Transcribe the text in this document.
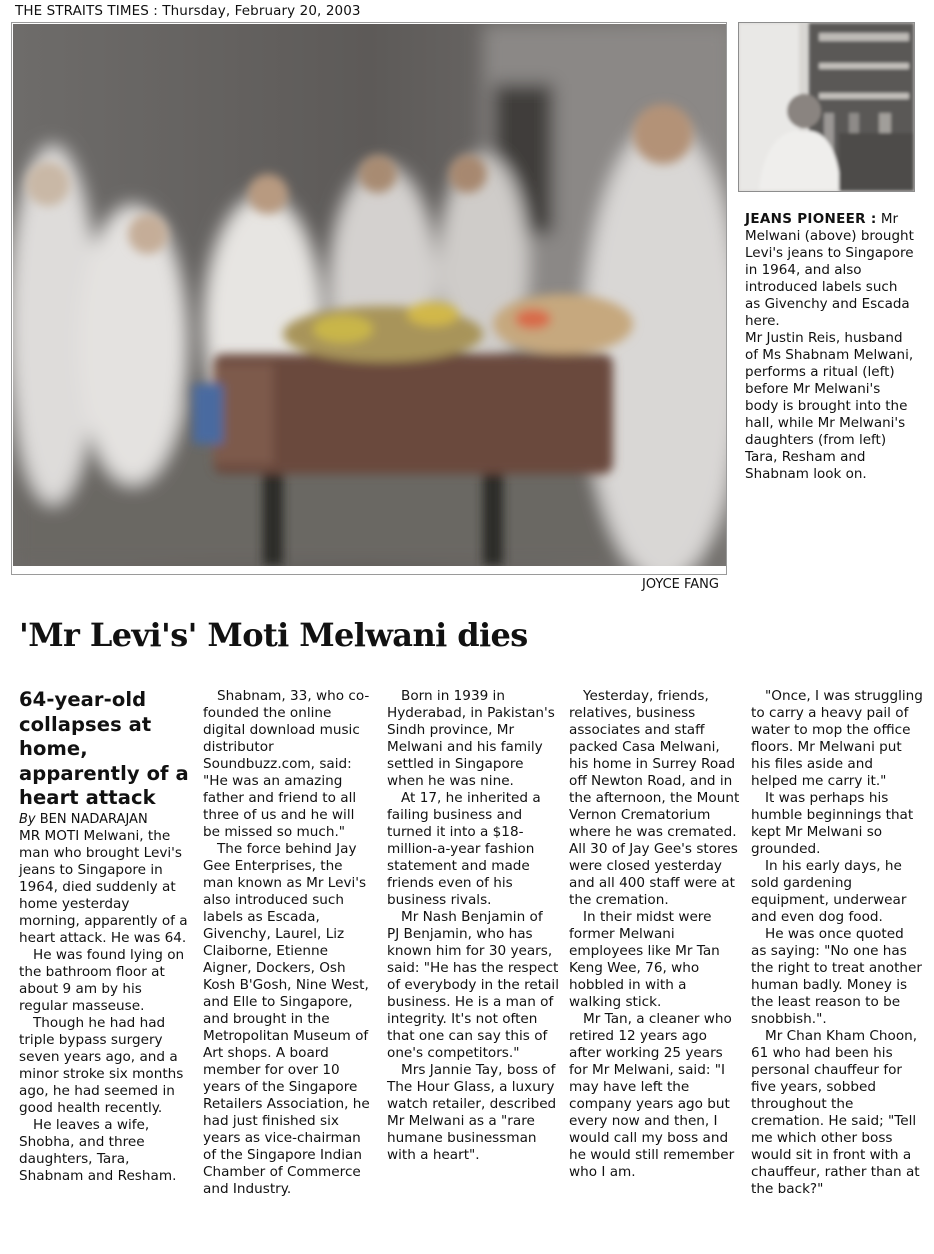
THE STRAITS TIMES : Thursday, February 20, 2003
JOYCE FANG

JEANS PIONEER : Mr Melwani (above) brought Levi's jeans to Singapore in 1964, and also introduced labels such as Givenchy and Escada here.

Mr Justin Reis, husband of Ms Shabnam Melwani, performs a ritual (left) before Mr Melwani's body is brought into the hall, while Mr Melwani's daughters (from left) Tara, Resham and Shabnam look on.

'Mr Levi's' Moti Melwani dies

64-year-old collapses at home, apparently of a heart attack

By BEN NADARAJAN

MR MOTI Melwani, the man who brought Levi's jeans to Singapore in 1964, died suddenly at home yesterday morning, apparently of a heart attack. He was 64.

He was found lying on the bathroom floor at about 9 am by his regular masseuse.

Though he had had triple bypass surgery seven years ago, and a minor stroke six months ago, he had seemed in good health recently.

He leaves a wife, Shobha, and three daughters, Tara, Shabnam and Resham.

Shabnam, 33, who co-founded the online digital download music distributor Soundbuzz.com, said: "He was an amazing father and friend to all three of us and he will be missed so much."

The force behind Jay Gee Enterprises, the man known as Mr Levi's also introduced such labels as Escada, Givenchy, Laurel, Liz Claiborne, Etienne Aigner, Dockers, Osh Kosh B'Gosh, Nine West, and Elle to Singapore, and brought in the Metropolitan Museum of Art shops. A board member for over 10 years of the Singapore Retailers Association, he had just finished six years as vice-chairman of the Singapore Indian Chamber of Commerce and Industry.

Born in 1939 in Hyderabad, in Pakistan's Sindh province, Mr Melwani and his family settled in Singapore when he was nine.

At 17, he inherited a failing business and turned it into a $18-million-a-year fashion statement and made friends even of his business rivals.

Mr Nash Benjamin of PJ Benjamin, who has known him for 30 years, said: "He has the respect of everybody in the retail business. He is a man of integrity. It's not often that one can say this of one's competitors."

Mrs Jannie Tay, boss of The Hour Glass, a luxury watch retailer, described Mr Melwani as a "rare humane businessman with a heart".

Yesterday, friends, relatives, business associates and staff packed Casa Melwani, his home in Surrey Road off Newton Road, and in the afternoon, the Mount Vernon Crematorium where he was cremated. All 30 of Jay Gee's stores were closed yesterday and all 400 staff were at the cremation.

In their midst were former Melwani employees like Mr Tan Keng Wee, 76, who hobbled in with a walking stick.

Mr Tan, a cleaner who retired 12 years ago after working 25 years for Mr Melwani, said: "I may have left the company years ago but every now and then, I would call my boss and he would still remember who I am.

"Once, I was struggling to carry a heavy pail of water to mop the office floors. Mr Melwani put his files aside and helped me carry it."

It was perhaps his humble beginnings that kept Mr Melwani so grounded.

In his early days, he sold gardening equipment, underwear and even dog food.

He was once quoted as saying: "No one has the right to treat another human badly. Money is the least reason to be snobbish.".

Mr Chan Kham Choon, 61 who had been his personal chauffeur for five years, sobbed throughout the cremation. He said; "Tell me which other boss would sit in front with a chauffeur, rather than at the back?"
